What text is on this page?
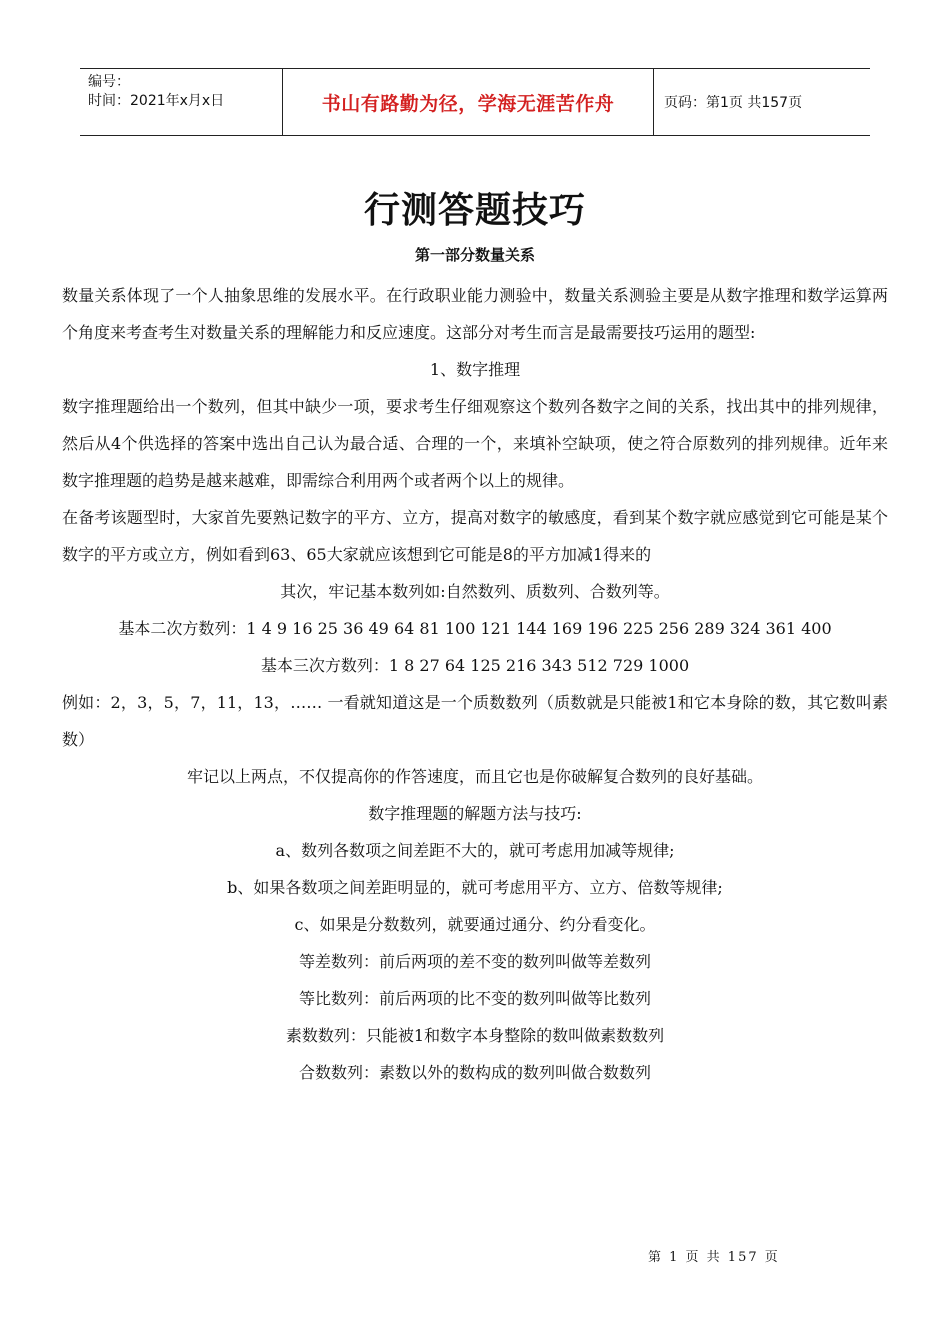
编号：
时间：2021年x月x日	书山有路勤为径，学海无涯苦作舟	页码：第1页 共157页
行测答题技巧
第一部分数量关系

数量关系体现了一个人抽象思维的发展水平。在行政职业能力测验中，数量关系测验主要是从数字推理和数学运算两个角度来考查考生对数量关系的理解能力和反应速度。这部分对考生而言是最需要技巧运用的题型:

1、数字推理

数字推理题给出一个数列，但其中缺少一项，要求考生仔细观察这个数列各数字之间的关系，找出其中的排列规律，然后从4个供选择的答案中选出自己认为最合适、合理的一个，来填补空缺项，使之符合原数列的排列规律。近年来数字推理题的趋势是越来越难，即需综合利用两个或者两个以上的规律。

在备考该题型时，大家首先要熟记数字的平方、立方，提高对数字的敏感度，看到某个数字就应感觉到它可能是某个数字的平方或立方，例如看到63、65大家就应该想到它可能是8的平方加减1得来的

其次，牢记基本数列如:自然数列、质数列、合数列等。

基本二次方数列：1 4 9 16 25 36 49 64 81 100 121 144 169 196 225 256 289 324 361 400

基本三次方数列：1 8 27 64 125 216 343 512 729 1000

例如：2，3，5，7，11，13，…… 一看就知道这是一个质数数列（质数就是只能被1和它本身除的数，其它数叫素数）

牢记以上两点，不仅提高你的作答速度，而且它也是你破解复合数列的良好基础。

数字推理题的解题方法与技巧:

a、数列各数项之间差距不大的，就可考虑用加减等规律;

b、如果各数项之间差距明显的，就可考虑用平方、立方、倍数等规律;

c、如果是分数数列，就要通过通分、约分看变化。

等差数列：前后两项的差不变的数列叫做等差数列

等比数列：前后两项的比不变的数列叫做等比数列

素数数列：只能被1和数字本身整除的数叫做素数数列

合数数列：素数以外的数构成的数列叫做合数数列

第 1 页 共 157 页
